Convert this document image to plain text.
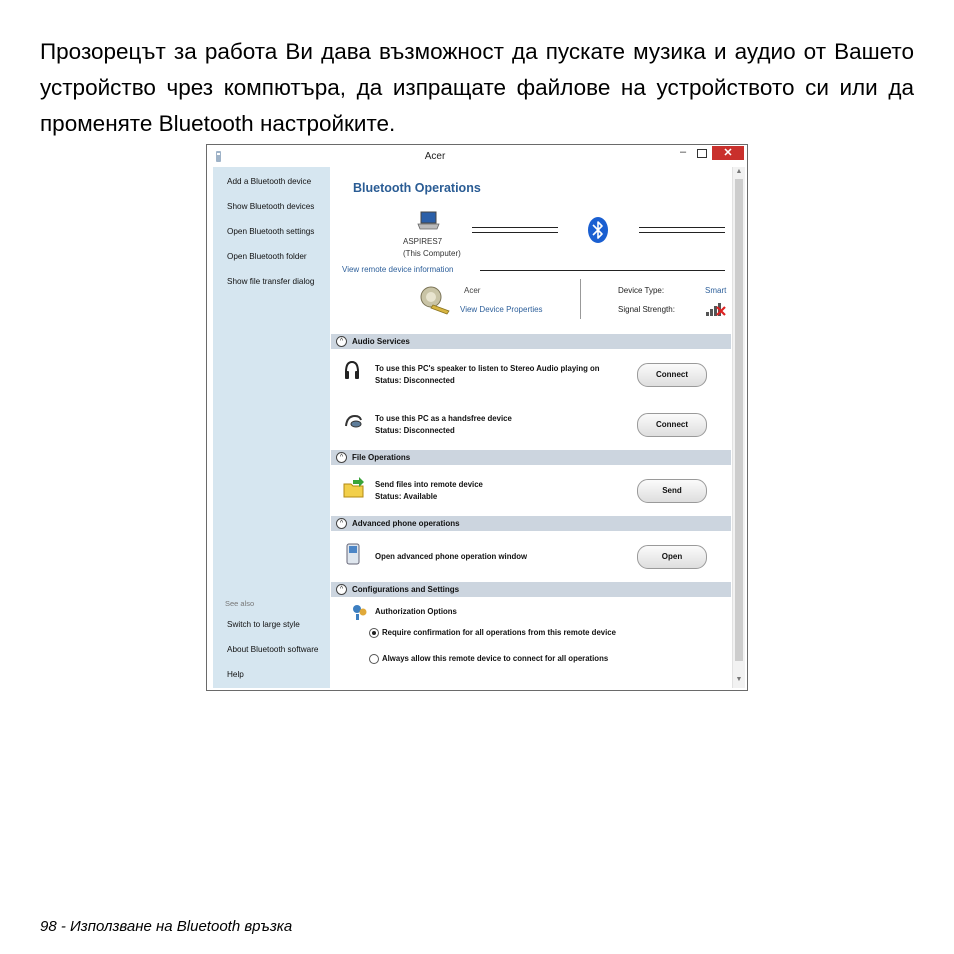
Прозорецът за работа Ви дава възможност да пускате музика и аудио от Вашето устройство чрез компютъра, да изпращате файлове на устройството си или да променяте Bluetooth настройките.
Acer	–	✕
Add a Bluetooth device
Show Bluetooth devices
Open Bluetooth settings
Open Bluetooth folder
Show file transfer dialog
See also
Switch to large style
About Bluetooth software
Help
Bluetooth Operations
ASPIRES7
(This Computer)
View remote device information
Acer
View Device Properties
Device Type:	Smart
Signal Strength:
^	Audio Services
To use this PC's speaker to listen to Stereo Audio playing on
Status: Disconnected
Connect
To use this PC as a handsfree device
Status: Disconnected
Connect
^	File Operations
Send files into remote device
Status: Available
Send
^	Advanced phone operations
Open advanced phone operation window	Open
^	Configurations and Settings
Authorization Options
Require confirmation for all operations from this remote device
Always allow this remote device to connect for all operations
▲
▼
98 - Използване на Bluetooth връзка
